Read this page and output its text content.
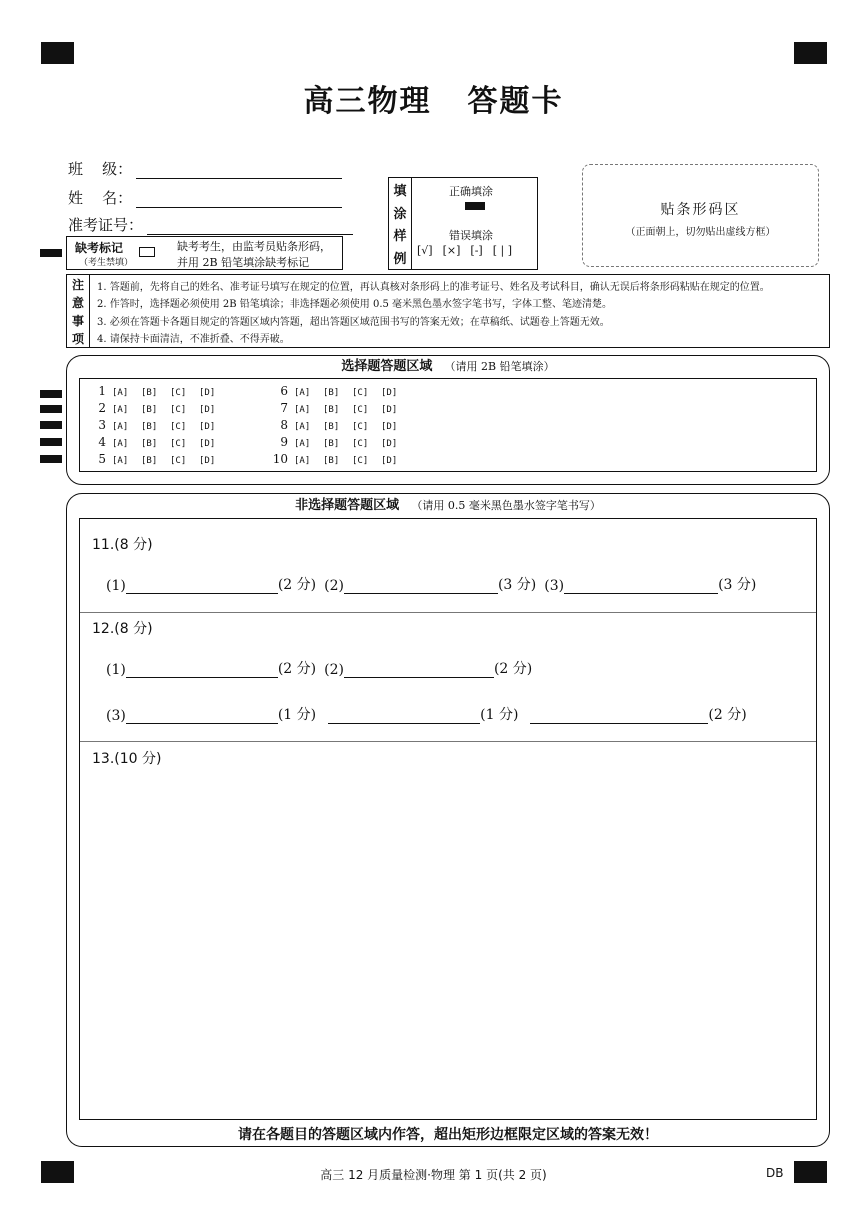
高三物理 答题卡
班    级：
姓    名：
准考证号：
缺考标记
（考生禁填）
缺考考生，由监考员贴条形码，
并用 2B 铅笔填涂缺考标记
填
涂
样
例
正确填涂
错误填涂
[√] [×] [-] [ | ]
贴条形码区
（正面朝上，切勿贴出虚线方框）
注
意
事
项
1. 答题前，先将自己的姓名、准考证号填写在规定的位置，再认真核对条形码上的准考证号、姓名及考试科目，确认无误后将条形码粘贴在规定的位置。
2. 作答时，选择题必须使用 2B 铅笔填涂；非选择题必须使用 0.5 毫米黑色墨水签字笔书写，字体工整、笔迹清楚。
3. 必须在答题卡各题目规定的答题区域内答题，超出答题区域范围书写的答案无效；在草稿纸、试题卷上答题无效。
4. 请保持卡面清洁，不准折叠、不得弄破。
选择题答题区域 （请用 2B 铅笔填涂）
1 [A] [B] [C] [D]
2 [A] [B] [C] [D]
3 [A] [B] [C] [D]
4 [A] [B] [C] [D]
5 [A] [B] [C] [D]
6 [A] [B] [C] [D]
7 [A] [B] [C] [D]
8 [A] [B] [C] [D]
9 [A] [B] [C] [D]
10 [A] [B] [C] [D]
非选择题答题区域 （请用 0.5 毫米黑色墨水签字笔书写）
11.(8 分)
(1)	(2 分) (2)	(3 分) (3)	(3 分)
12.(8 分)
(1)	(2 分) (2)	(2 分)
(3)	(1 分)	(1 分)	(2 分)
13.(10 分)
请在各题目的答题区域内作答，超出矩形边框限定区域的答案无效！
高三 12 月质量检测·物理 第 1 页(共 2 页)	DB
